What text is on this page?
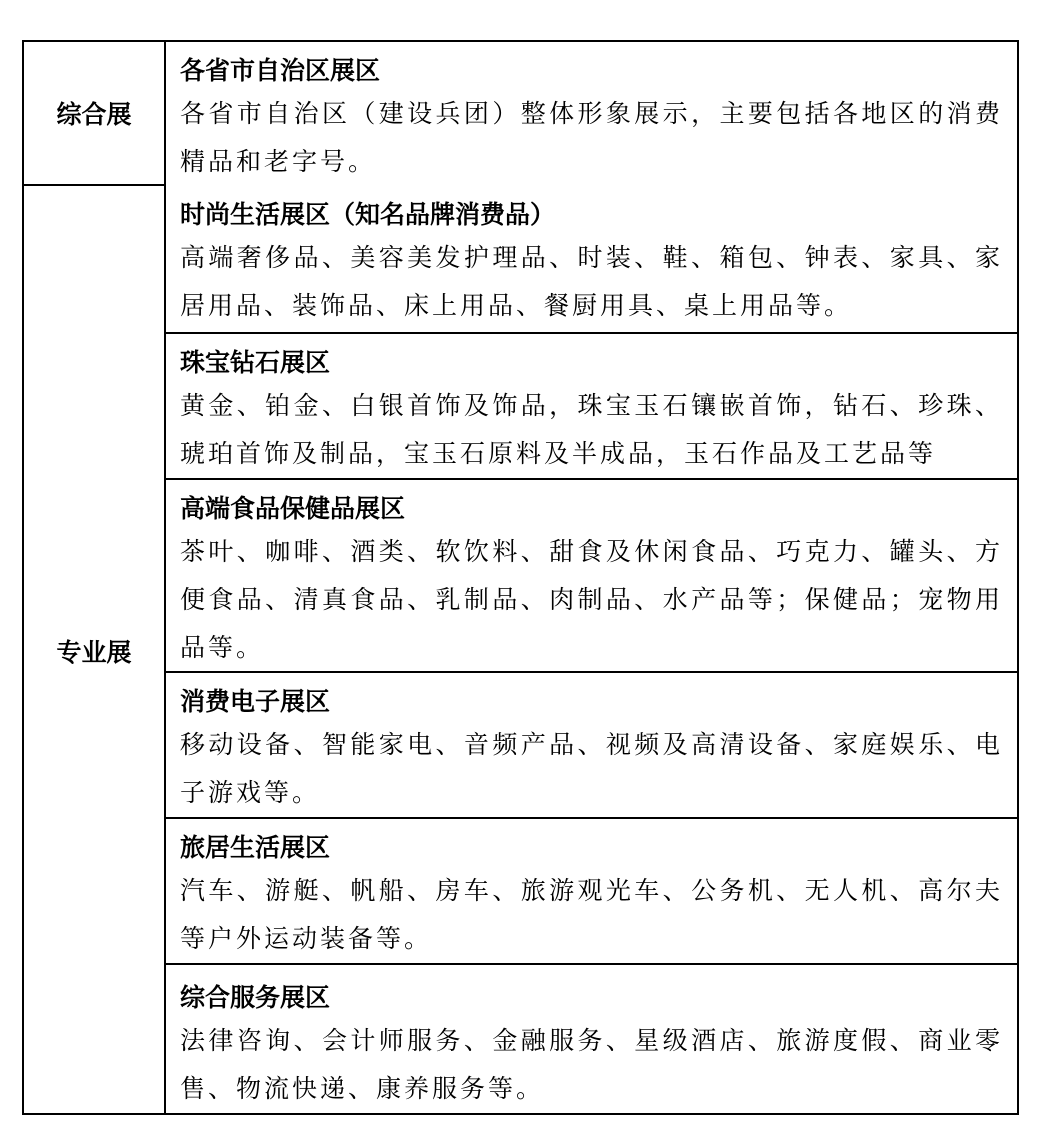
综合展
专业展
各省市自治区展区

各省市自治区（建设兵团）整体形象展示，主要包括各地区的消费精品和老字号。

时尚生活展区（知名品牌消费品）

高端奢侈品、美容美发护理品、时装、鞋、箱包、钟表、家具、家居用品、装饰品、床上用品、餐厨用具、桌上用品等。

珠宝钻石展区

黄金、铂金、白银首饰及饰品，珠宝玉石镶嵌首饰，钻石、珍珠、琥珀首饰及制品，宝玉石原料及半成品，玉石作品及工艺品等

高端食品保健品展区

茶叶、咖啡、酒类、软饮料、甜食及休闲食品、巧克力、罐头、方便食品、清真食品、乳制品、肉制品、水产品等；保健品；宠物用品等。

消费电子展区

移动设备、智能家电、音频产品、视频及高清设备、家庭娱乐、电子游戏等。

旅居生活展区

汽车、游艇、帆船、房车、旅游观光车、公务机、无人机、高尔夫等户外运动装备等。

综合服务展区

法律咨询、会计师服务、金融服务、星级酒店、旅游度假、商业零售、物流快递、康养服务等。
